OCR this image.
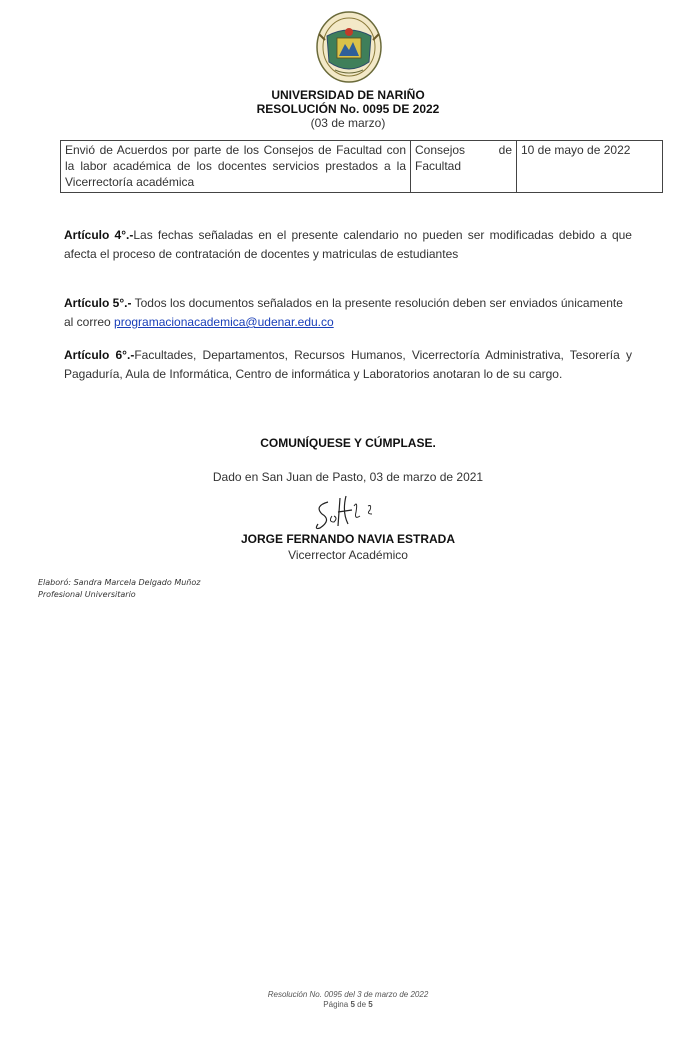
UNIVERSIDAD DE NARIÑO
RESOLUCIÓN No. 0095 DE 2022
(03 de marzo)
Envió de Acuerdos por parte de los Consejos de Facultad con la labor académica de los docentes servicios prestados a la Vicerrectoría académica	Consejos de Facultad	10 de mayo de 2022
Artículo 4°.-Las fechas señaladas en el presente calendario no pueden ser modificadas debido a que afecta el proceso de contratación de docentes y matriculas de estudiantes
Artículo 5°.- Todos los documentos señalados en la presente resolución deben ser enviados únicamente al correo programacionacademica@udenar.edu.co
Artículo 6°.-Facultades, Departamentos, Recursos Humanos, Vicerrectoría Administrativa, Tesorería y Pagaduría, Aula de Informática, Centro de informática y Laboratorios anotaran lo de su cargo.
COMUNÍQUESE Y CÚMPLASE.
Dado en San Juan de Pasto, 03 de marzo de 2021
JORGE FERNANDO NAVIA ESTRADA
Vicerrector Académico
Elaboró: Sandra Marcela Delgado Muñoz
Profesional Universitario
Resolución No. 0095 del 3 de marzo de 2022
Página 5 de 5
